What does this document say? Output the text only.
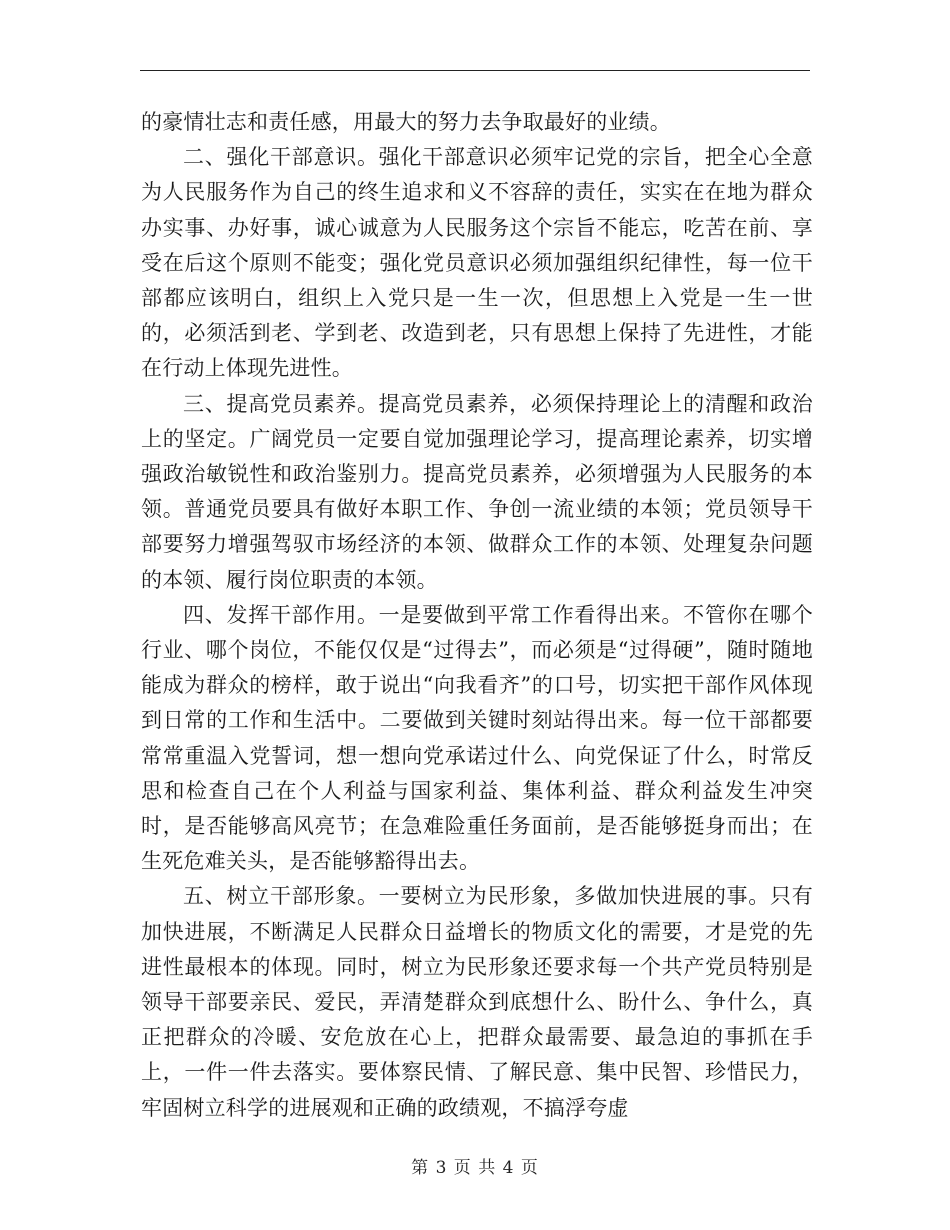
的豪情壮志和责任感，用最大的努力去争取最好的业绩。

二、强化干部意识。强化干部意识必须牢记党的宗旨，把全心全意为人民服务作为自己的终生追求和义不容辞的责任，实实在在地为群众办实事、办好事，诚心诚意为人民服务这个宗旨不能忘，吃苦在前、享受在后这个原则不能变；强化党员意识必须加强组织纪律性，每一位干部都应该明白，组织上入党只是一生一次，但思想上入党是一生一世的，必须活到老、学到老、改造到老，只有思想上保持了先进性，才能在行动上体现先进性。

三、提高党员素养。提高党员素养，必须保持理论上的清醒和政治上的坚定。广阔党员一定要自觉加强理论学习，提高理论素养，切实增强政治敏锐性和政治鉴别力。提高党员素养，必须增强为人民服务的本领。普通党员要具有做好本职工作、争创一流业绩的本领；党员领导干部要努力增强驾驭市场经济的本领、做群众工作的本领、处理复杂问题的本领、履行岗位职责的本领。

四、发挥干部作用。一是要做到平常工作看得出来。不管你在哪个行业、哪个岗位，不能仅仅是“过得去”，而必须是“过得硬”，随时随地能成为群众的榜样，敢于说出“向我看齐”的口号，切实把干部作风体现到日常的工作和生活中。二要做到关键时刻站得出来。每一位干部都要常常重温入党誓词，想一想向党承诺过什么、向党保证了什么，时常反思和检查自己在个人利益与国家利益、集体利益、群众利益发生冲突时，是否能够高风亮节；在急难险重任务面前，是否能够挺身而出；在生死危难关头，是否能够豁得出去。

五、树立干部形象。一要树立为民形象，多做加快进展的事。只有加快进展，不断满足人民群众日益增长的物质文化的需要，才是党的先进性最根本的体现。同时，树立为民形象还要求每一个共产党员特别是领导干部要亲民、爱民，弄清楚群众到底想什么、盼什么、争什么，真正把群众的冷暖、安危放在心上，把群众最需要、最急迫的事抓在手上，一件一件去落实。要体察民情、了解民意、集中民智、珍惜民力，牢固树立科学的进展观和正确的政绩观，不搞浮夸虚

第 3 页 共 4 页
